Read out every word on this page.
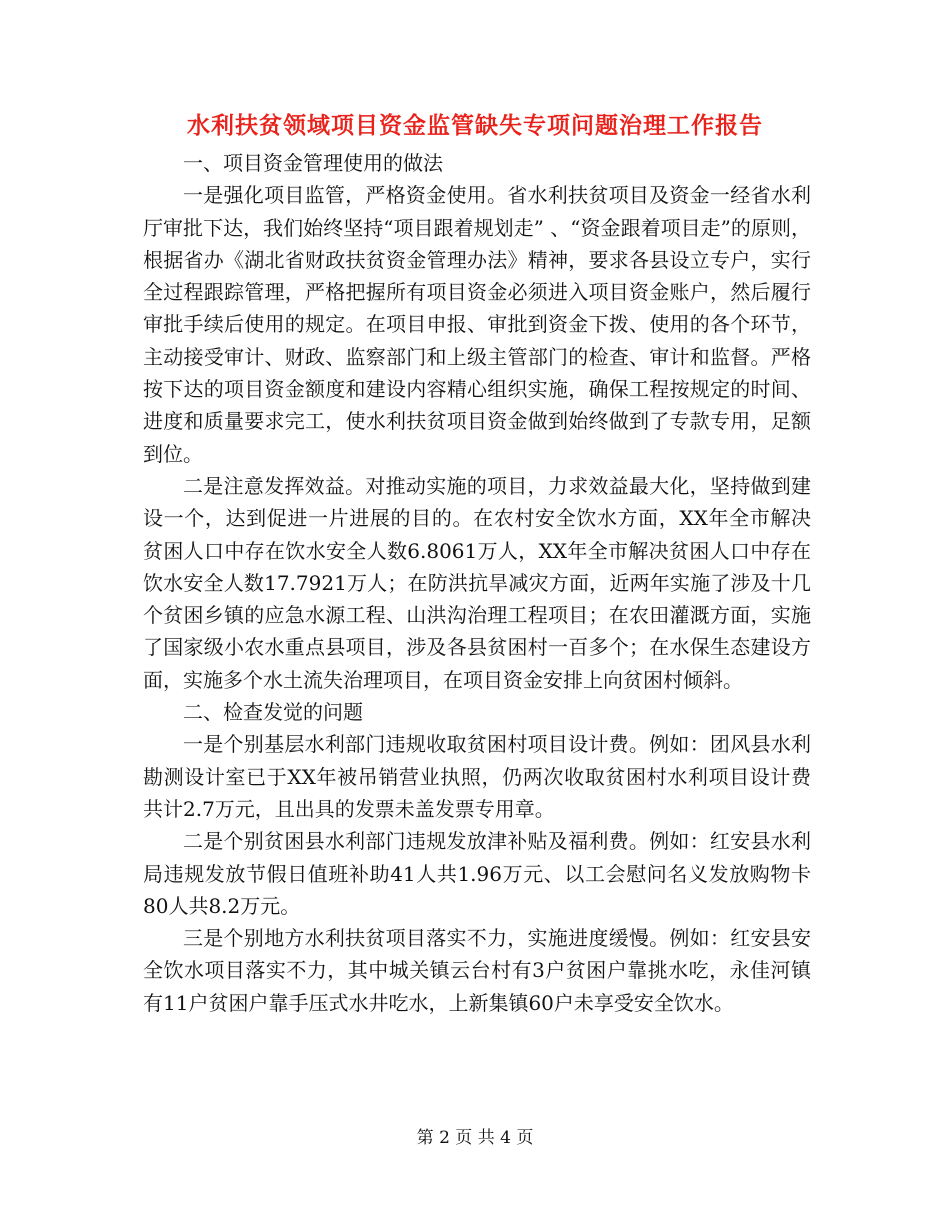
水利扶贫领域项目资金监管缺失专项问题治理工作报告

一、项目资金管理使用的做法

一是强化项目监管，严格资金使用。省水利扶贫项目及资金一经省水利厅审批下达，我们始终坚持“项目跟着规划走” 、“资金跟着项目走”的原则，根据省办《湖北省财政扶贫资金管理办法》精神，要求各县设立专户，实行全过程跟踪管理，严格把握所有项目资金必须进入项目资金账户，然后履行审批手续后使用的规定。在项目申报、审批到资金下拨、使用的各个环节，主动接受审计、财政、监察部门和上级主管部门的检查、审计和监督。严格按下达的项目资金额度和建设内容精心组织实施，确保工程按规定的时间、进度和质量要求完工，使水利扶贫项目资金做到始终做到了专款专用，足额到位。

二是注意发挥效益。对推动实施的项目，力求效益最大化，坚持做到建设一个，达到促进一片进展的目的。在农村安全饮水方面，XX年全市解决贫困人口中存在饮水安全人数6.8061万人，XX年全市解决贫困人口中存在饮水安全人数17.7921万人；在防洪抗旱减灾方面，近两年实施了涉及十几个贫困乡镇的应急水源工程、山洪沟治理工程项目；在农田灌溉方面，实施了国家级小农水重点县项目，涉及各县贫困村一百多个；在水保生态建设方面，实施多个水土流失治理项目，在项目资金安排上向贫困村倾斜。

二、检查发觉的问题

一是个别基层水利部门违规收取贫困村项目设计费。例如：团风县水利勘测设计室已于XX年被吊销营业执照，仍两次收取贫困村水利项目设计费共计2.7万元，且出具的发票未盖发票专用章。

二是个别贫困县水利部门违规发放津补贴及福利费。例如：红安县水利局违规发放节假日值班补助41人共1.96万元、以工会慰问名义发放购物卡80人共8.2万元。

三是个别地方水利扶贫项目落实不力，实施进度缓慢。例如：红安县安全饮水项目落实不力，其中城关镇云台村有3户贫困户靠挑水吃，永佳河镇有11户贫困户靠手压式水井吃水，上新集镇60户未享受安全饮水。

第 2 页 共 4 页
